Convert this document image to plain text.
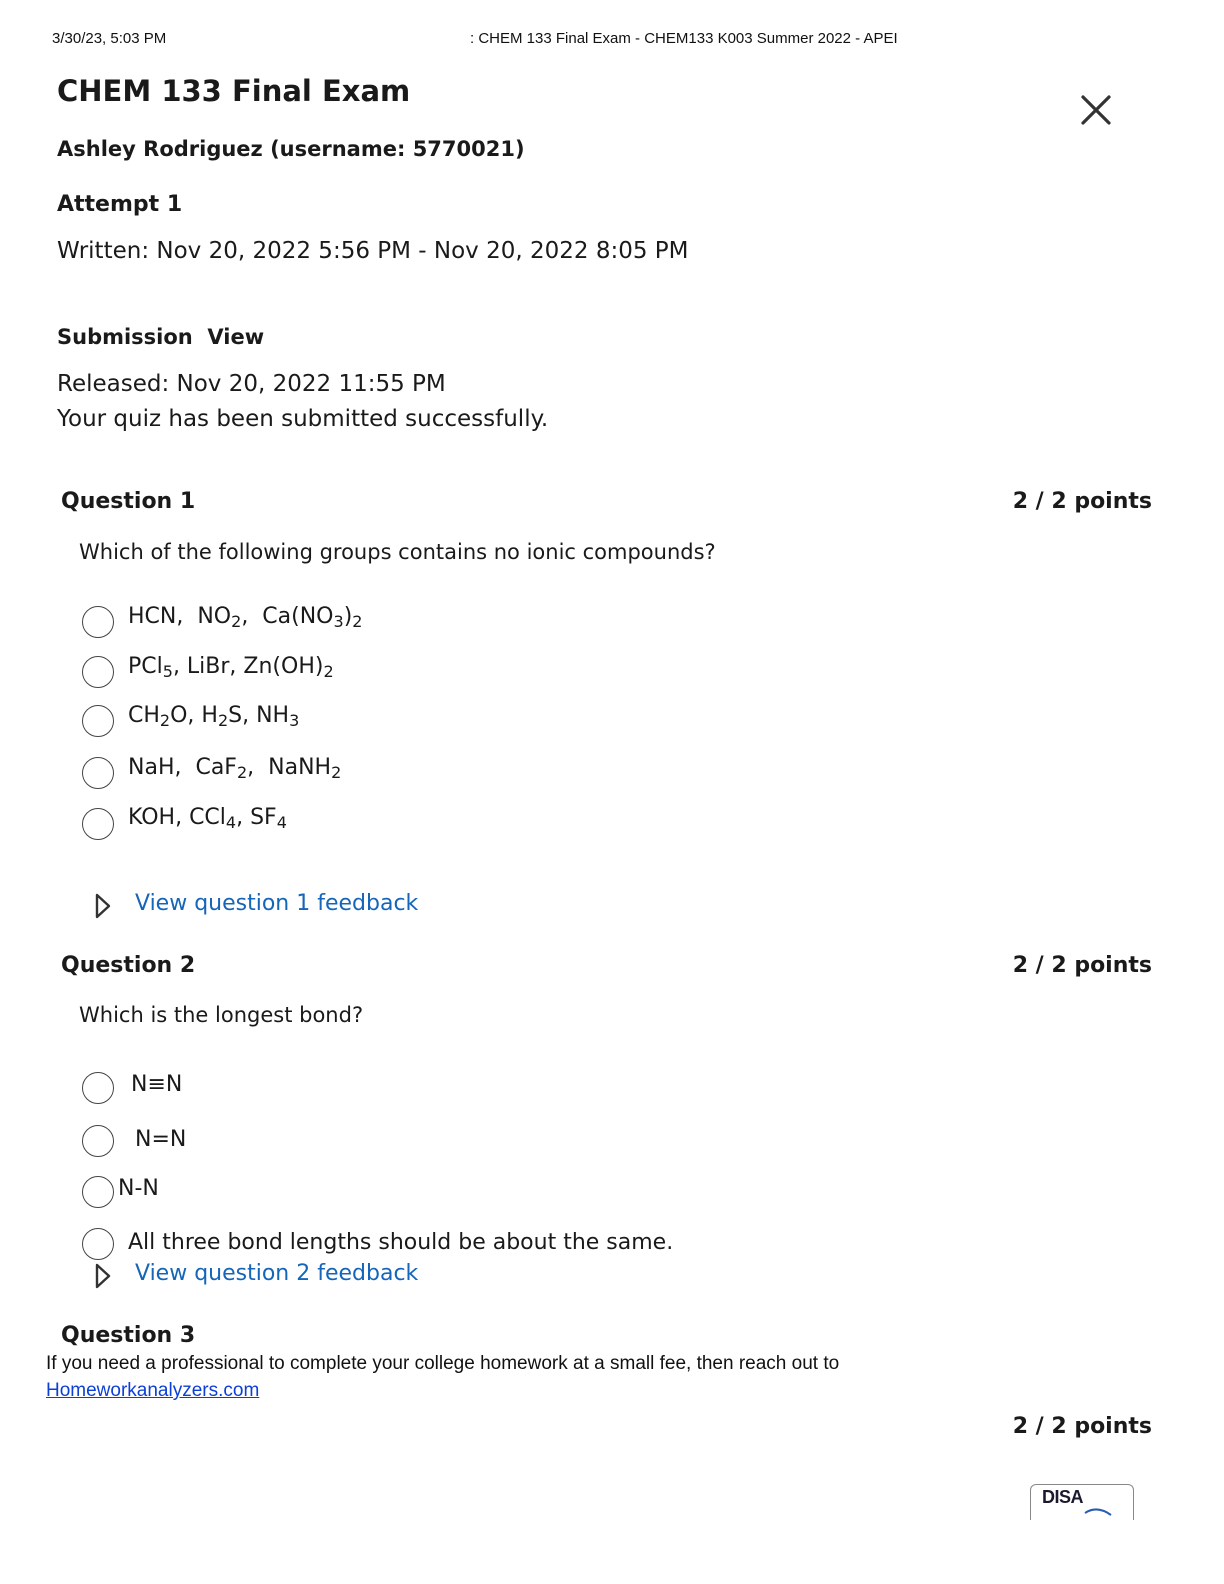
3/30/23, 5:03 PM	: CHEM 133 Final Exam - CHEM133 K003 Summer 2022 - APEI
CHEM 133 Final Exam
Ashley Rodriguez (username: 5770021)
Attempt 1
Written: Nov 20, 2022 5:56 PM - Nov 20, 2022 8:05 PM
Submission  View
Released: Nov 20, 2022 11:55 PM
Your quiz has been submitted successfully.
Question 1	2 / 2 points
Which of the following groups contains no ionic compounds?
HCN,  $NO_2$,  $Ca(NO_3)_2$
PCl$_5$, LiBr, $Zn(OH)_2$
$CH_2O$, $H_2S$, $NH_3$
NaH,  CaF$_2$,  NaNH$_2$
KOH, CCl$_4$, $SF_4$
View question 1 feedback
Question 2	2 / 2 points
Which is the longest bond?
N≡N
N=N
N-N
All three bond lengths should be about the same.
View question 2 feedback
Question 3
If you need a professional to complete your college homework at a small fee, then reach out to
Homeworkanalyzers.com
2 / 2 points
DISA
